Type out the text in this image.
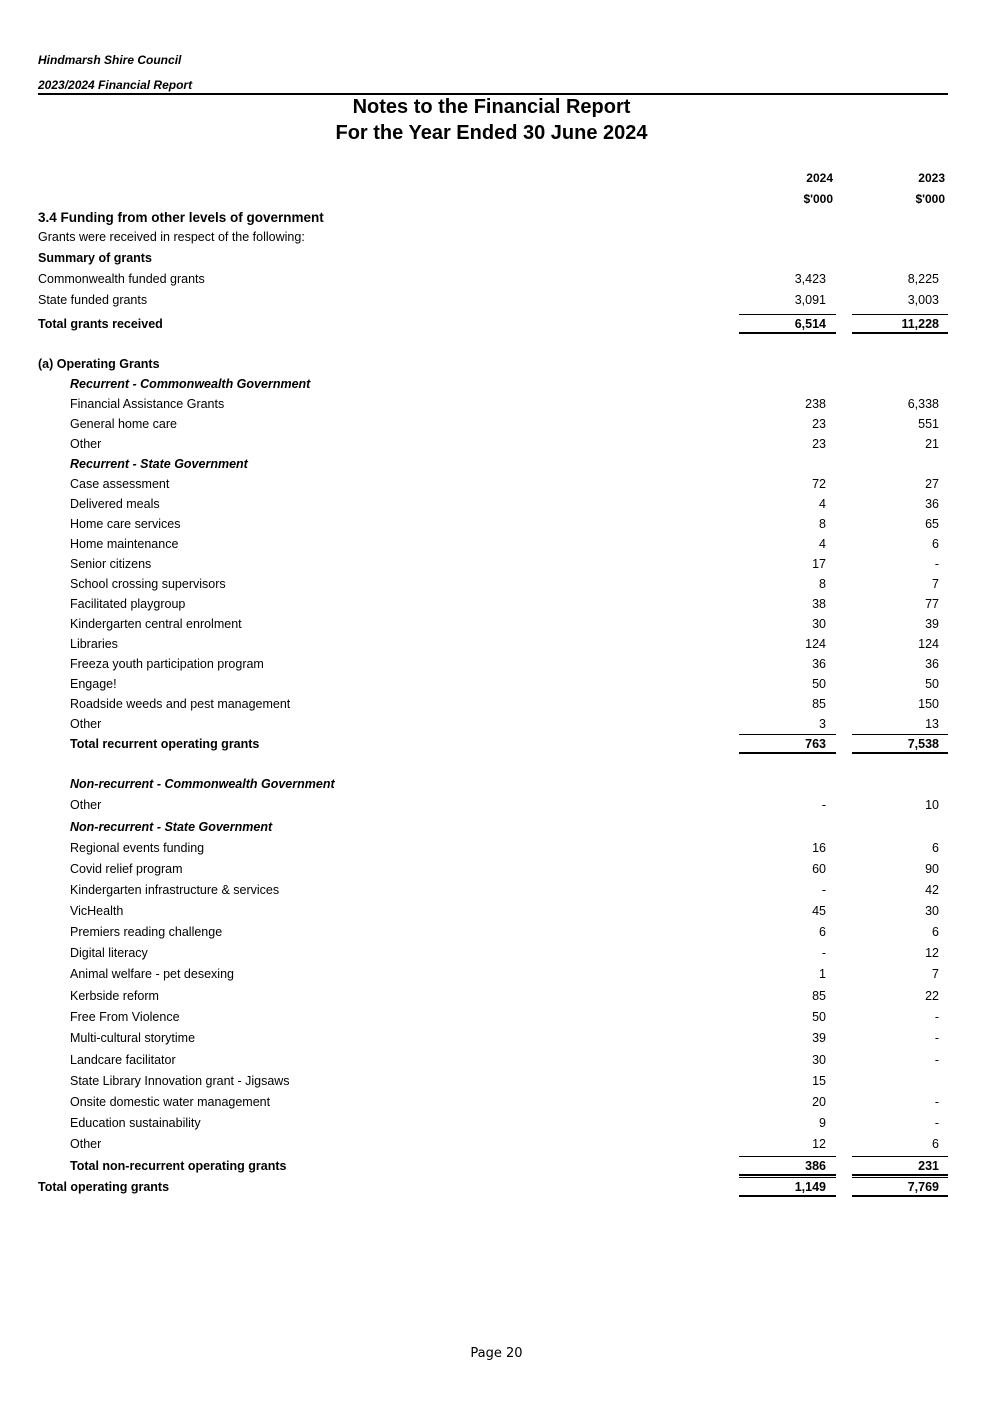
Hindmarsh Shire Council
2023/2024 Financial Report
Notes to the Financial Report
For the Year Ended 30 June 2024
2024	2023
$'000	$'000
3.4 Funding from other levels of government
Grants were received in respect of the following:
Summary of grants
Commonwealth funded grants	3,423	8,225
State funded grants	3,091	3,003
Total grants received	6,514	11,228
(a) Operating Grants
Recurrent - Commonwealth Government
Financial Assistance Grants	238	6,338
General home care	23	551
Other	23	21
Recurrent - State Government
Case assessment	72	27
Delivered meals	4	36
Home care services	8	65
Home maintenance	4	6
Senior citizens	17	-
School crossing supervisors	8	7
Facilitated playgroup	38	77
Kindergarten central enrolment	30	39
Libraries	124	124
Freeza youth participation program	36	36
Engage!	50	50
Roadside weeds and pest management	85	150
Other	3	13
Total recurrent operating grants	763	7,538
Non-recurrent - Commonwealth Government
Other	-	10
Non-recurrent - State Government
Regional events funding	16	6
Covid relief program	60	90
Kindergarten infrastructure & services	-	42
VicHealth	45	30
Premiers reading challenge	6	6
Digital literacy	-	12
Animal welfare - pet desexing	1	7
Kerbside reform	85	22
Free From Violence	50	-
Multi-cultural storytime	39	-
Landcare facilitator	30	-
State Library Innovation grant - Jigsaws	15
Onsite domestic water management	20	-
Education sustainability	9	-
Other	12	6
Total non-recurrent operating grants	386	231
Total operating grants	1,149	7,769
Page 20
